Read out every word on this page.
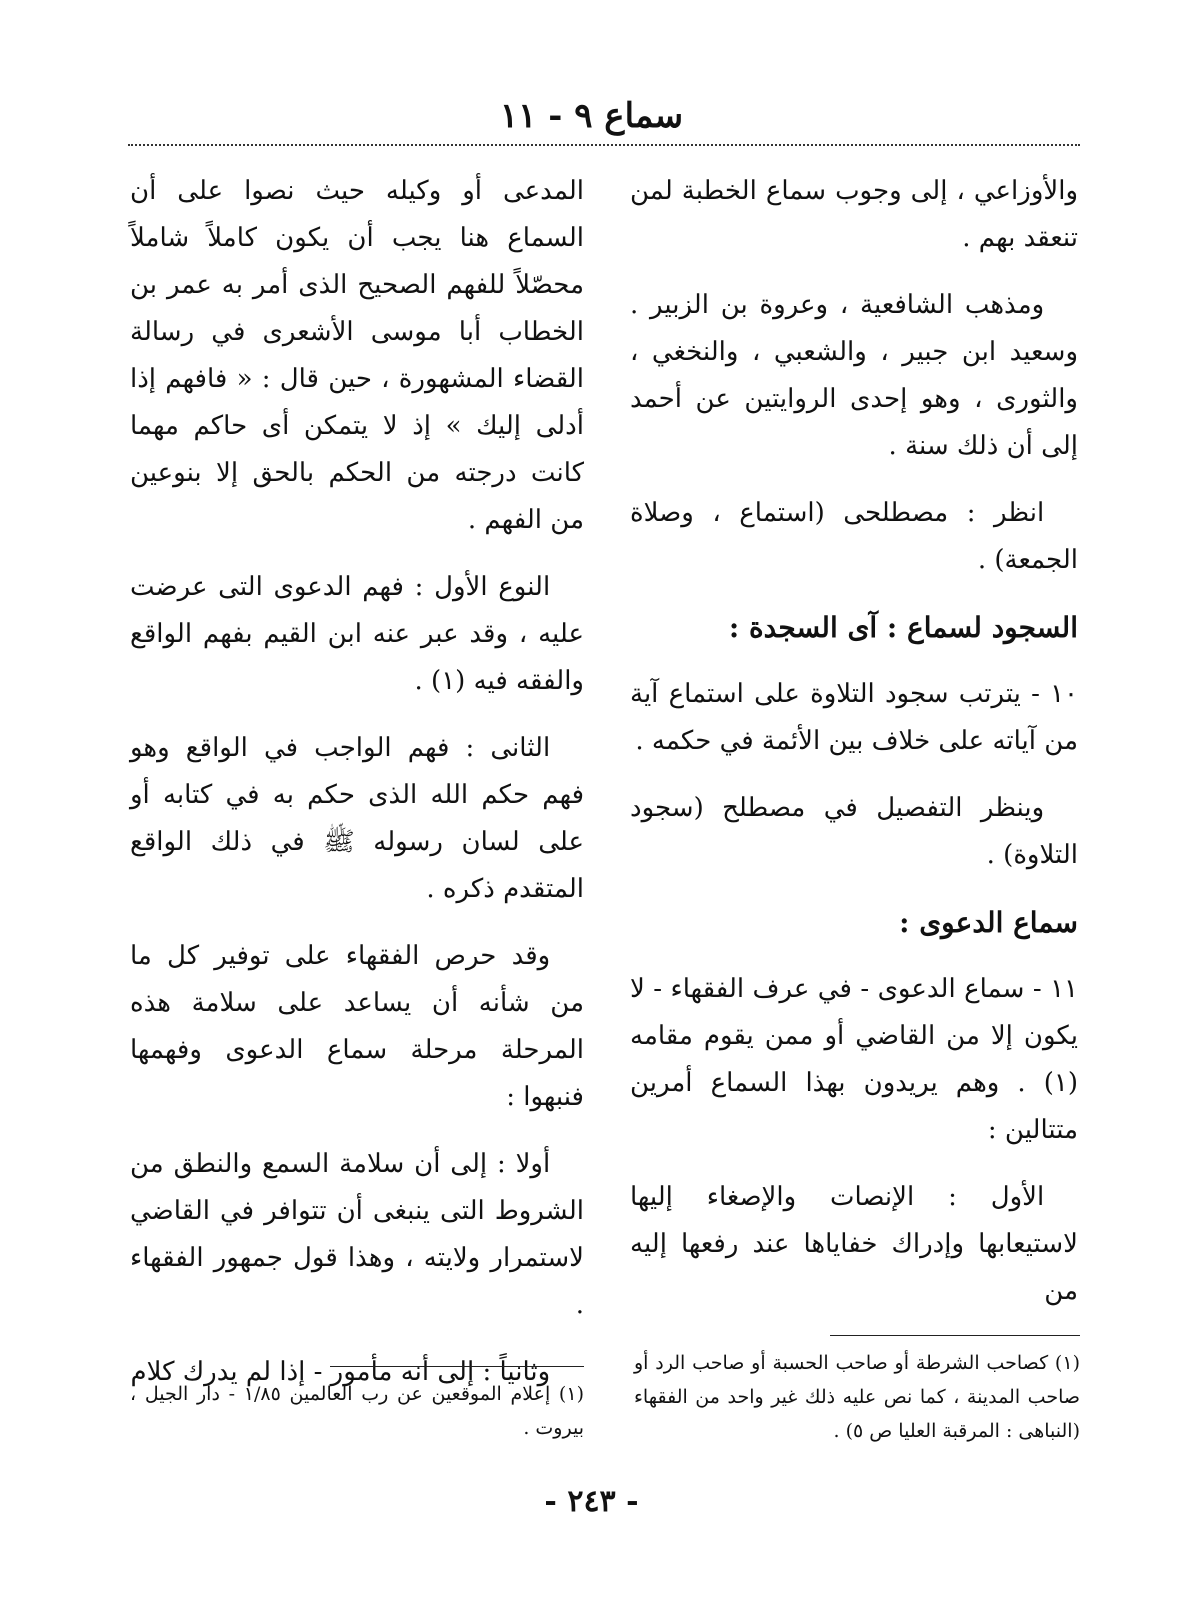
سماع ٩ - ١١

والأوزاعي ، إلى وجوب سماع الخطبة لمن تنعقد بهم .

ومذهب الشافعية ، وعروة بن الزبير . وسعيد ابن جبير ، والشعبي ، والنخغي ، والثورى ، وهو إحدى الروايتين عن أحمد إلى أن ذلك سنة .

انظر : مصطلحى (استماع ، وصلاة الجمعة) .

السجود لسماع : آى السجدة :

١٠ - يترتب سجود التلاوة على استماع آية من آياته على خلاف بين الأئمة في حكمه .

وينظر التفصيل في مصطلح (سجود التلاوة) .

سماع الدعوى :

١١ - سماع الدعوى - في عرف الفقهاء - لا يكون إلا من القاضي أو ممن يقوم مقامه (١) . وهم يريدون بهذا السماع أمرين متتالين :

الأول : الإنصات والإصغاء إليها لاستيعابها وإدراك خفاياها عند رفعها إليه من

المدعى أو وكيله حيث نصوا على أن السماع هنا يجب أن يكون كاملاً شاملاً محصّلاً للفهم الصحيح الذى أمر به عمر بن الخطاب أبا موسى الأشعرى في رسالة القضاء المشهورة ، حين قال : « فافهم إذا أدلى إليك » إذ لا يتمكن أى حاكم مهما كانت درجته من الحكم بالحق إلا بنوعين من الفهم .

النوع الأول : فهم الدعوى التى عرضت عليه ، وقد عبر عنه ابن القيم بفهم الواقع والفقه فيه (١) .

الثانى : فهم الواجب في الواقع وهو فهم حكم الله الذى حكم به في كتابه أو على لسان رسوله ﷺ في ذلك الواقع المتقدم ذكره .

وقد حرص الفقهاء على توفير كل ما من شأنه أن يساعد على سلامة هذه المرحلة مرحلة سماع الدعوى وفهمها فنبهوا :

أولا : إلى أن سلامة السمع والنطق من الشروط التى ينبغى أن تتوافر في القاضي لاستمرار ولايته ، وهذا قول جمهور الفقهاء .

وثانياً : إلى أنه مأمور - إذا لم يدرك كلام	(١) كصاحب الشرطة أو صاحب الحسبة أو صاحب الرد أو صاحب المدينة ، كما نص عليه ذلك غير واحد من الفقهاء (النباهى : المرقبة العليا ص ٥) .
(١) إعلام الموقعين عن رب العالمين ١/٨٥ - دار الجيل ، بيروت .
- ٢٤٣ -
